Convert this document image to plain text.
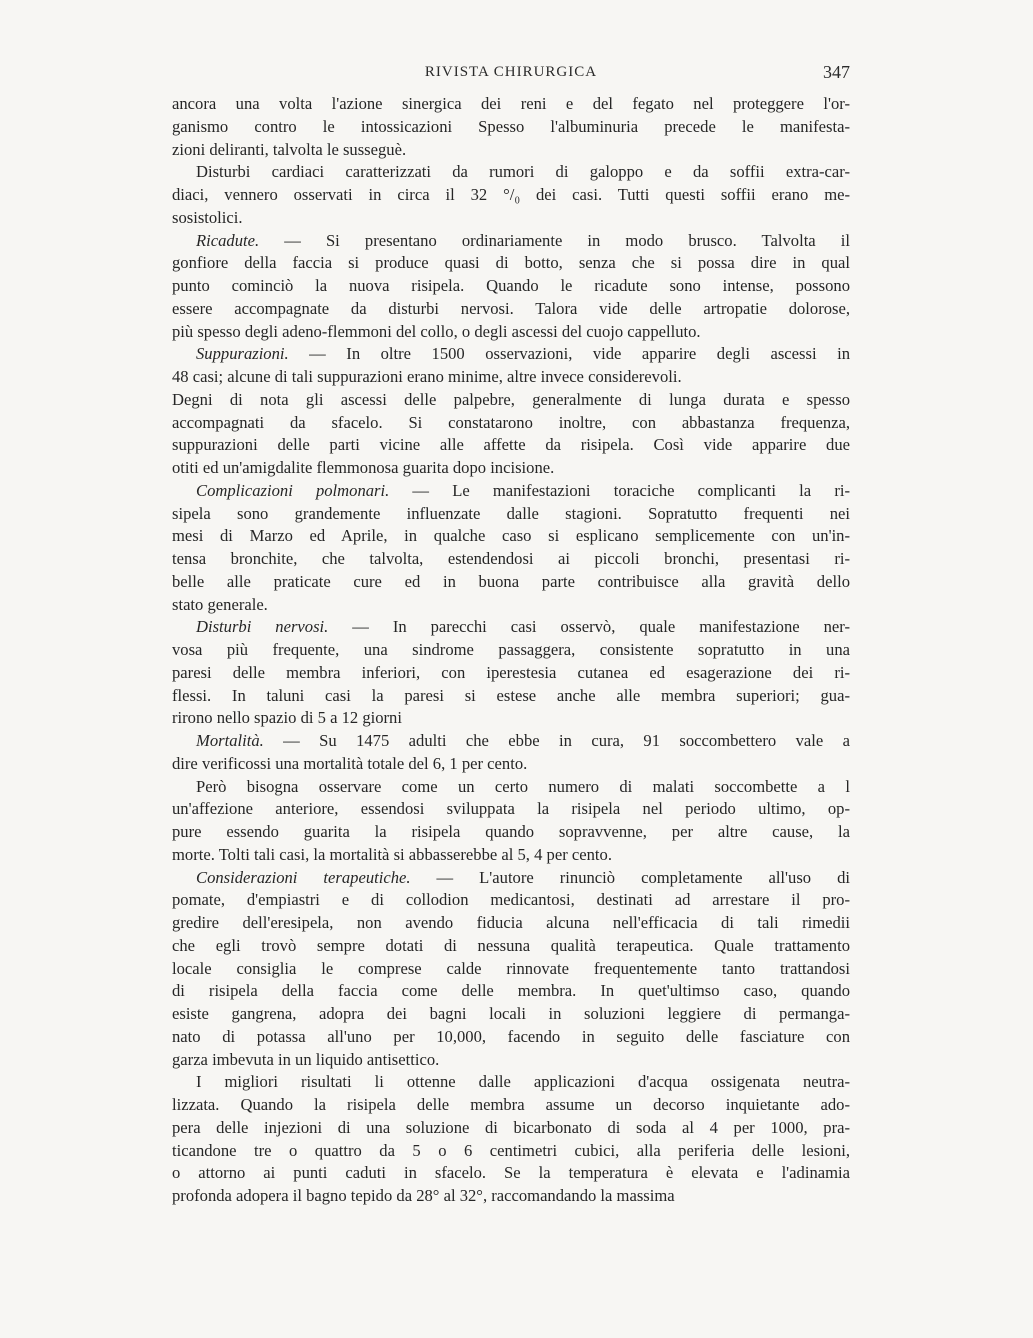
RIVISTA CHIRURGICA	347
ancora una volta l'azione sinergica dei reni e del fegato nel proteggere l'or-
ganismo contro le intossicazioni Spesso l'albuminuria precede le manifesta-
zioni deliranti, talvolta le susseguè.
Disturbi cardiaci caratterizzati da rumori di galoppo e da soffii extra-car-
diaci, vennero osservati in circa il 32 °/₀ dei casi. Tutti questi soffii erano me-
sosistolici.
Ricadute. — Si presentano ordinariamente in modo brusco. Talvolta il
gonfiore della faccia si produce quasi di botto, senza che si possa dire in qual
punto cominciò la nuova risipela. Quando le ricadute sono intense, possono
essere accompagnate da disturbi nervosi. Talora vide delle artropatie dolorose,
più spesso degli adeno-flemmoni del collo, o degli ascessi del cuojo cappelluto.
Suppurazioni. — In oltre 1500 osservazioni, vide apparire degli ascessi in
48 casi; alcune di tali suppurazioni erano minime, altre invece considerevoli.
Degni di nota gli ascessi delle palpebre, generalmente di lunga durata e spesso
accompagnati da sfacelo. Si constatarono inoltre, con abbastanza frequenza,
suppurazioni delle parti vicine alle affette da risipela. Così vide apparire due
otiti ed un'amigdalite flemmonosa guarita dopo incisione.
Complicazioni polmonari. — Le manifestazioni toraciche complicanti la ri-
sipela sono grandemente influenzate dalle stagioni. Sopratutto frequenti nei
mesi di Marzo ed Aprile, in qualche caso si esplicano semplicemente con un'in-
tensa bronchite, che talvolta, estendendosi ai piccoli bronchi, presentasi ri-
belle alle praticate cure ed in buona parte contribuisce alla gravità dello
stato generale.
Disturbi nervosi. — In parecchi casi osservò, quale manifestazione ner-
vosa più frequente, una sindrome passaggera, consistente sopratutto in una
paresi delle membra inferiori, con iperestesia cutanea ed esagerazione dei ri-
flessi. In taluni casi la paresi si estese anche alle membra superiori; gua-
rirono nello spazio di 5 a 12 giorni
Mortalità. — Su 1475 adulti che ebbe in cura, 91 soccombettero vale a
dire verificossi una mortalità totale del 6, 1 per cento.
Però bisogna osservare come un certo numero di malati soccombette a l
un'affezione anteriore, essendosi sviluppata la risipela nel periodo ultimo, op-
pure essendo guarita la risipela quando sopravvenne, per altre cause, la
morte. Tolti tali casi, la mortalità si abbasserebbe al 5, 4 per cento.
Considerazioni terapeutiche. — L'autore rinunciò completamente all'uso di
pomate, d'empiastri e di collodion medicantosi, destinati ad arrestare il pro-
gredire dell'eresipela, non avendo fiducia alcuna nell'efficacia di tali rimedii
che egli trovò sempre dotati di nessuna qualità terapeutica. Quale trattamento
locale consiglia le comprese calde rinnovate frequentemente tanto trattandosi
di risipela della faccia come delle membra. In quet'ultimso caso, quando
esiste gangrena, adopra dei bagni locali in soluzioni leggiere di permanga-
nato di potassa all'uno per 10,000, facendo in seguito delle fasciature con
garza imbevuta in un liquido antisettico.
I migliori risultati li ottenne dalle applicazioni d'acqua ossigenata neutra-
lizzata. Quando la risipela delle membra assume un decorso inquietante ado-
pera delle injezioni di una soluzione di bicarbonato di soda al 4 per 1000, pra-
ticandone tre o quattro da 5 o 6 centimetri cubici, alla periferia delle lesioni,
o attorno ai punti caduti in sfacelo. Se la temperatura è elevata e l'adinamia
profonda adopera il bagno tepido da 28° al 32°, raccomandando la massima
